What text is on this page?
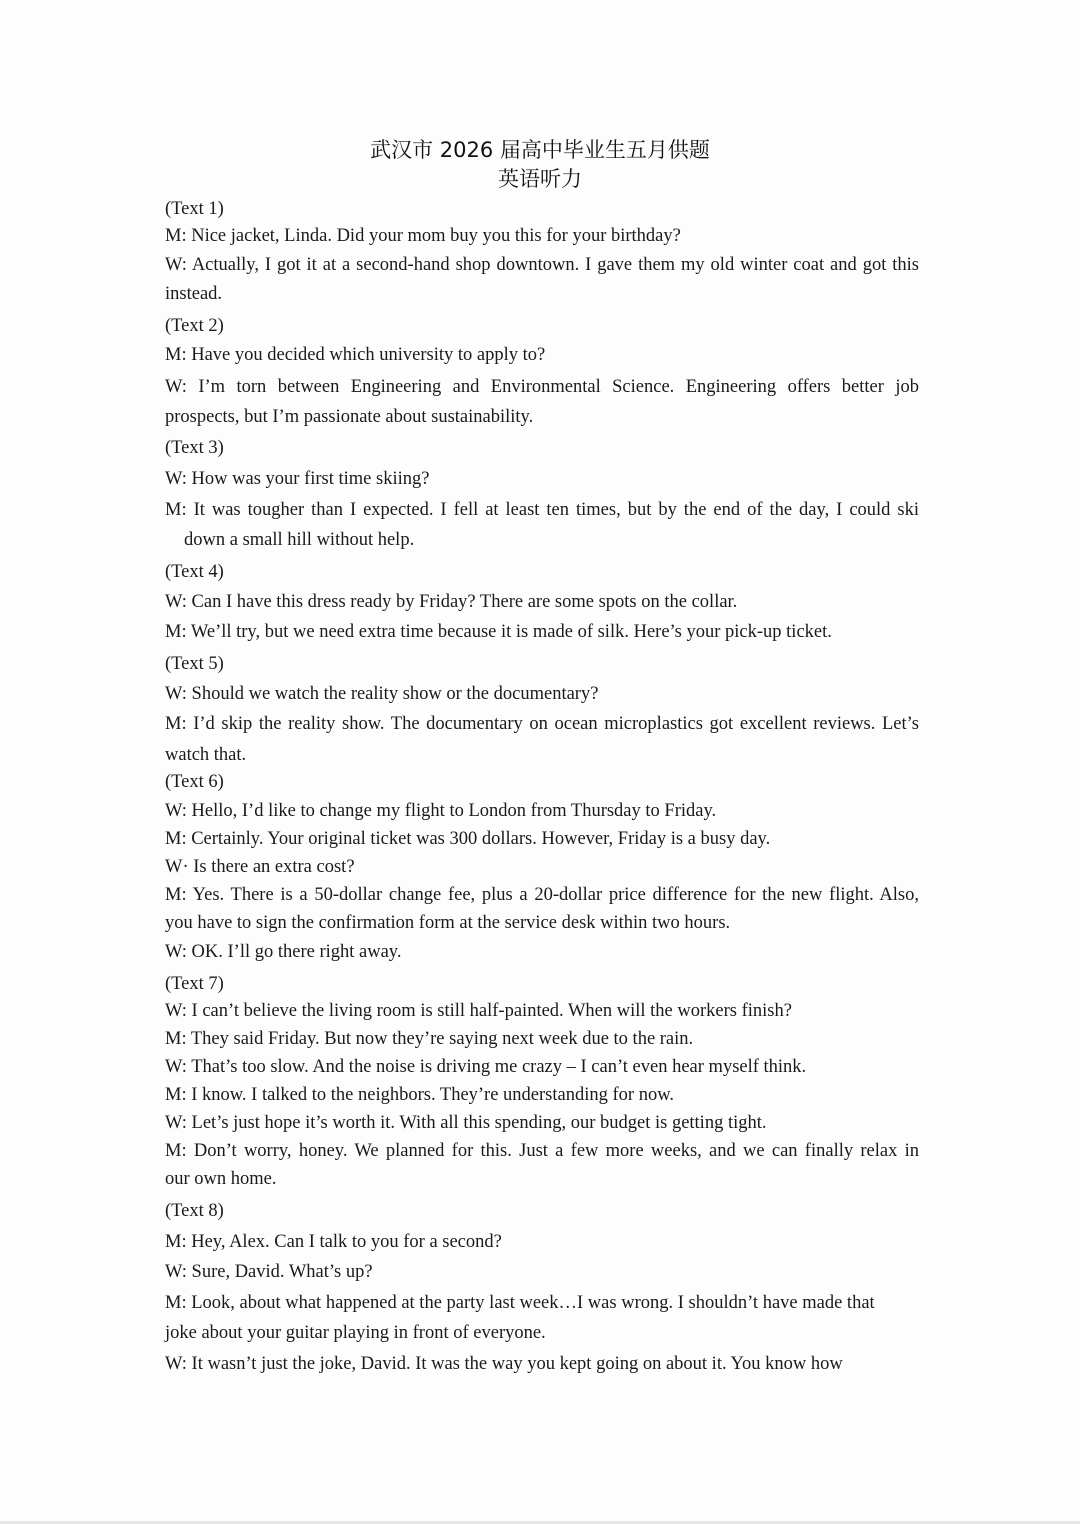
武汉市 2026 届高中毕业生五月供题
英语听力
(Text 1)
M: Nice jacket, Linda. Did your mom buy you this for your birthday?
W: Actually, I got it at a second-hand shop downtown. I gave them my old winter coat and got this
instead.
(Text 2)
M: Have you decided which university to apply to?
W: I’m torn between Engineering and Environmental Science. Engineering offers better job
prospects, but I’m passionate about sustainability.
(Text 3)
W: How was your first time skiing?
M: It was tougher than I expected. I fell at least ten times, but by the end of the day, I could ski
down a small hill without help.
(Text 4)
W: Can I have this dress ready by Friday? There are some spots on the collar.
M: We’ll try, but we need extra time because it is made of silk. Here’s your pick-up ticket.
(Text 5)
W: Should we watch the reality show or the documentary?
M: I’d skip the reality show. The documentary on ocean microplastics got excellent reviews. Let’s
watch that.
(Text 6)
W: Hello, I’d like to change my flight to London from Thursday to Friday.
M: Certainly. Your original ticket was 300 dollars. However, Friday is a busy day.
W· Is there an extra cost?
M: Yes. There is a 50-dollar change fee, plus a 20-dollar price difference for the new flight. Also,
you have to sign the confirmation form at the service desk within two hours.
W: OK. I’ll go there right away.
(Text 7)
W: I can’t believe the living room is still half-painted. When will the workers finish?
M: They said Friday. But now they’re saying next week due to the rain.
W: That’s too slow. And the noise is driving me crazy – I can’t even hear myself think.
M: I know. I talked to the neighbors. They’re understanding for now.
W: Let’s just hope it’s worth it. With all this spending, our budget is getting tight.
M: Don’t worry, honey. We planned for this. Just a few more weeks, and we can finally relax in
our own home.
(Text 8)
M: Hey, Alex. Can I talk to you for a second?
W: Sure, David. What’s up?
M: Look, about what happened at the party last week…I was wrong. I shouldn’t have made that
joke about your guitar playing in front of everyone.
W: It wasn’t just the joke, David. It was the way you kept going on about it. You know how
